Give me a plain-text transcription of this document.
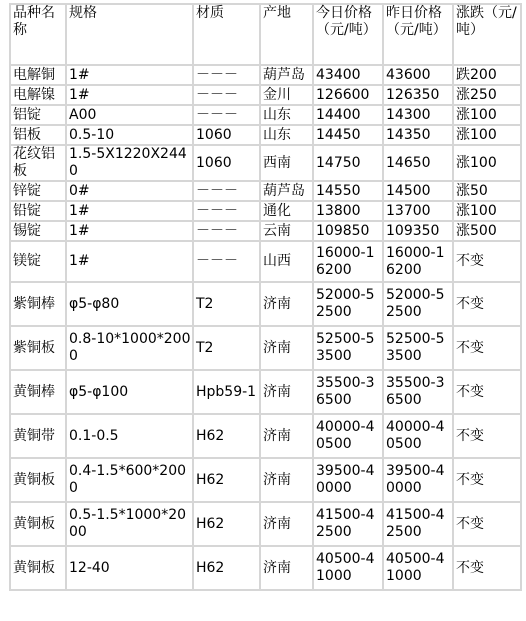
品种名称	规格	材质	产地	今日价格（元/吨）	昨日价格（元/吨）	涨跌（元/吨）
电解铜	1#	－－－	葫芦岛	43400	43600	跌200
电解镍	1#	－－－	金川	126600	126350	涨250
铝锭	A00	－－－	山东	14400	14300	涨100
铝板	0.5-10	1060	山东	14450	14350	涨100
花纹铝板	1.5-5X1220X2440	1060	西南	14750	14650	涨100
锌锭	0#	－－－	葫芦岛	14550	14500	涨50
铅锭	1#	－－－	通化	13800	13700	涨100
锡锭	1#	－－－	云南	109850	109350	涨500
镁锭	1#	－－－	山西	16000-16200	16000-16200	不变
紫铜棒	φ5-φ80	T2	济南	52000-52500	52000-52500	不变
紫铜板	0.8-10*1000*2000	T2	济南	52500-53500	52500-53500	不变
黄铜棒	φ5-φ100	Hpb59-1	济南	35500-36500	35500-36500	不变
黄铜带	0.1-0.5	H62	济南	40000-40500	40000-40500	不变
黄铜板	0.4-1.5*600*2000	H62	济南	39500-40000	39500-40000	不变
黄铜板	0.5-1.5*1000*2000	H62	济南	41500-42500	41500-42500	不变
黄铜板	12-40	H62	济南	40500-41000	40500-41000	不变
